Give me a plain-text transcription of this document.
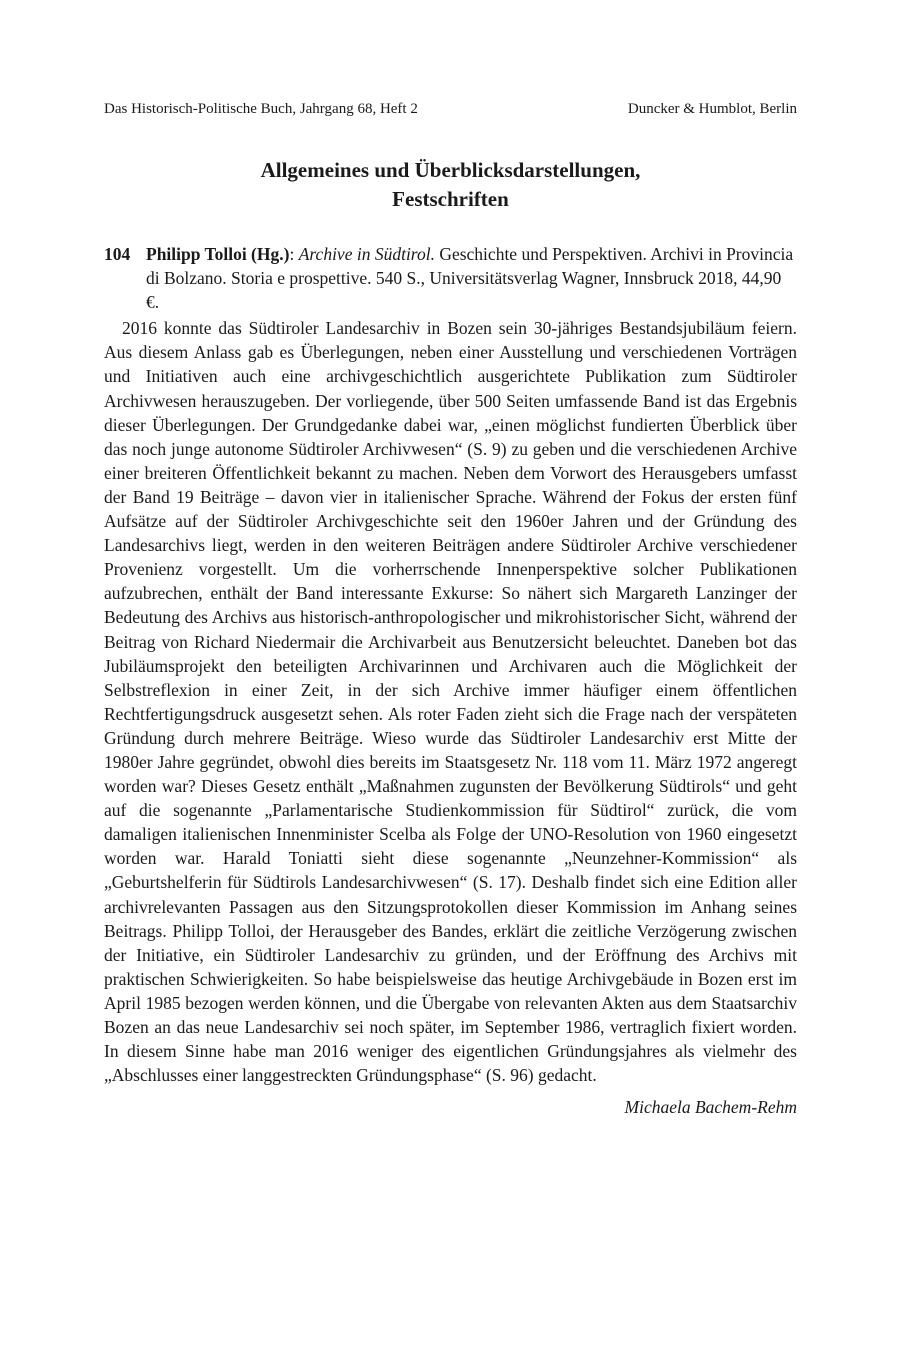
Das Historisch-Politische Buch, Jahrgang 68, Heft 2	Duncker & Humblot, Berlin
Allgemeines und Überblicksdarstellungen,
Festschriften
104 Philipp Tolloi (Hg.): Archive in Südtirol. Geschichte und Perspektiven. Archivi in Provincia di Bolzano. Storia e prospettive. 540 S., Universitätsverlag Wagner, Innsbruck 2018, 44,90 €.

2016 konnte das Südtiroler Landesarchiv in Bozen sein 30-jähriges Bestandsjubiläum feiern. Aus diesem Anlass gab es Überlegungen, neben einer Ausstellung und verschiedenen Vorträgen und Initiativen auch eine archivgeschichtlich ausgerichtete Publikation zum Südtiroler Archivwesen herauszugeben. Der vorliegende, über 500 Seiten umfassende Band ist das Ergebnis dieser Überlegungen. Der Grundgedanke dabei war, „einen möglichst fundierten Überblick über das noch junge autonome Südtiroler Archivwesen“ (S. 9) zu geben und die verschiedenen Archive einer breiteren Öffentlichkeit bekannt zu machen. Neben dem Vorwort des Herausgebers umfasst der Band 19 Beiträge – davon vier in italienischer Sprache. Während der Fokus der ersten fünf Aufsätze auf der Südtiroler Archivgeschichte seit den 1960er Jahren und der Gründung des Landesarchivs liegt, werden in den weiteren Beiträgen andere Südtiroler Archive verschiedener Provenienz vorgestellt. Um die vorherrschende Innenperspektive solcher Publikationen aufzubrechen, enthält der Band interessante Exkurse: So nähert sich Margareth Lanzinger der Bedeutung des Archivs aus historisch-anthropologischer und mikrohistorischer Sicht, während der Beitrag von Richard Niedermair die Archivarbeit aus Benutzersicht beleuchtet. Daneben bot das Jubiläumsprojekt den beteiligten Archivarinnen und Archivaren auch die Möglichkeit der Selbstreflexion in einer Zeit, in der sich Archive immer häufiger einem öffentlichen Rechtfertigungsdruck ausgesetzt sehen. Als roter Faden zieht sich die Frage nach der verspäteten Gründung durch mehrere Beiträge. Wieso wurde das Südtiroler Landesarchiv erst Mitte der 1980er Jahre gegründet, obwohl dies bereits im Staatsgesetz Nr. 118 vom 11. März 1972 angeregt worden war? Dieses Gesetz enthält „Maßnahmen zugunsten der Bevölkerung Südtirols“ und geht auf die sogenannte „Parlamentarische Studienkommission für Südtirol“ zurück, die vom damaligen italienischen Innenminister Scelba als Folge der UNO-Resolution von 1960 eingesetzt worden war. Harald Toniatti sieht diese sogenannte „Neunzehner-Kommission“ als „Geburtshelferin für Südtirols Landesarchivwesen“ (S. 17). Deshalb findet sich eine Edition aller archivrelevanten Passagen aus den Sitzungsprotokollen dieser Kommission im Anhang seines Beitrags. Philipp Tolloi, der Herausgeber des Bandes, erklärt die zeitliche Verzögerung zwischen der Initiative, ein Südtiroler Landesarchiv zu gründen, und der Eröffnung des Archivs mit praktischen Schwierigkeiten. So habe beispielsweise das heutige Archivgebäude in Bozen erst im April 1985 bezogen werden können, und die Übergabe von relevanten Akten aus dem Staatsarchiv Bozen an das neue Landesarchiv sei noch später, im September 1986, vertraglich fixiert worden. In diesem Sinne habe man 2016 weniger des eigentlichen Gründungsjahres als vielmehr des „Abschlusses einer langgestreckten Gründungsphase“ (S. 96) gedacht.

Michaela Bachem-Rehm
